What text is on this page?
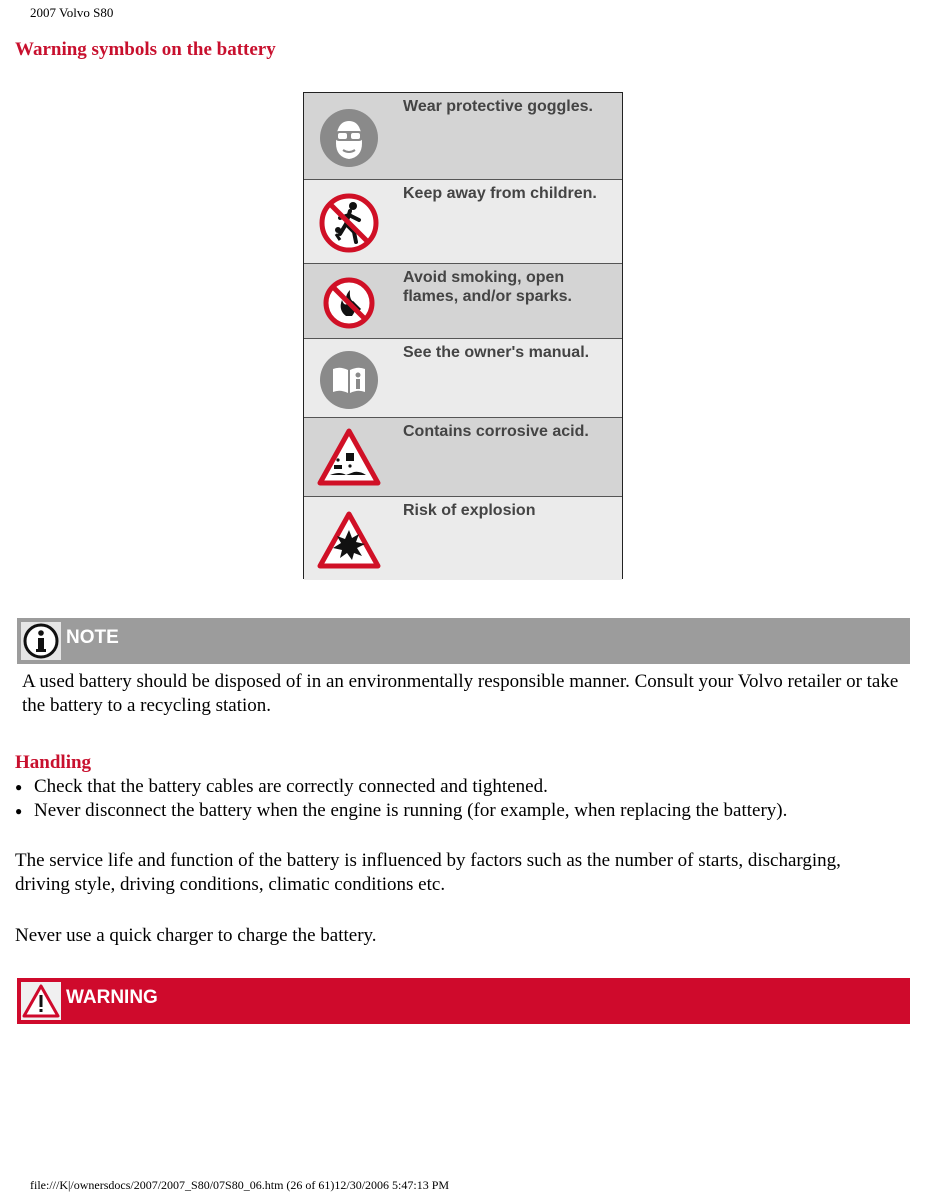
2007 Volvo S80
Warning symbols on the battery
Wear protective goggles.
Keep away from children.
Avoid smoking, open
flames, and/or sparks.
See the owner's manual.
Contains corrosive acid.
Risk of explosion
NOTE
A used battery should be disposed of in an environmentally responsible manner. Consult your Volvo retailer or take the battery to a recycling station.
Handling
● Check that the battery cables are correctly connected and tightened.
● Never disconnect the battery when the engine is running (for example, when replacing the battery).
The service life and function of the battery is influenced by factors such as the number of starts, discharging, driving style, driving conditions, climatic conditions etc.
Never use a quick charger to charge the battery.
WARNING
file:///K|/ownersdocs/2007/2007_S80/07S80_06.htm (26 of 61)12/30/2006 5:47:13 PM
